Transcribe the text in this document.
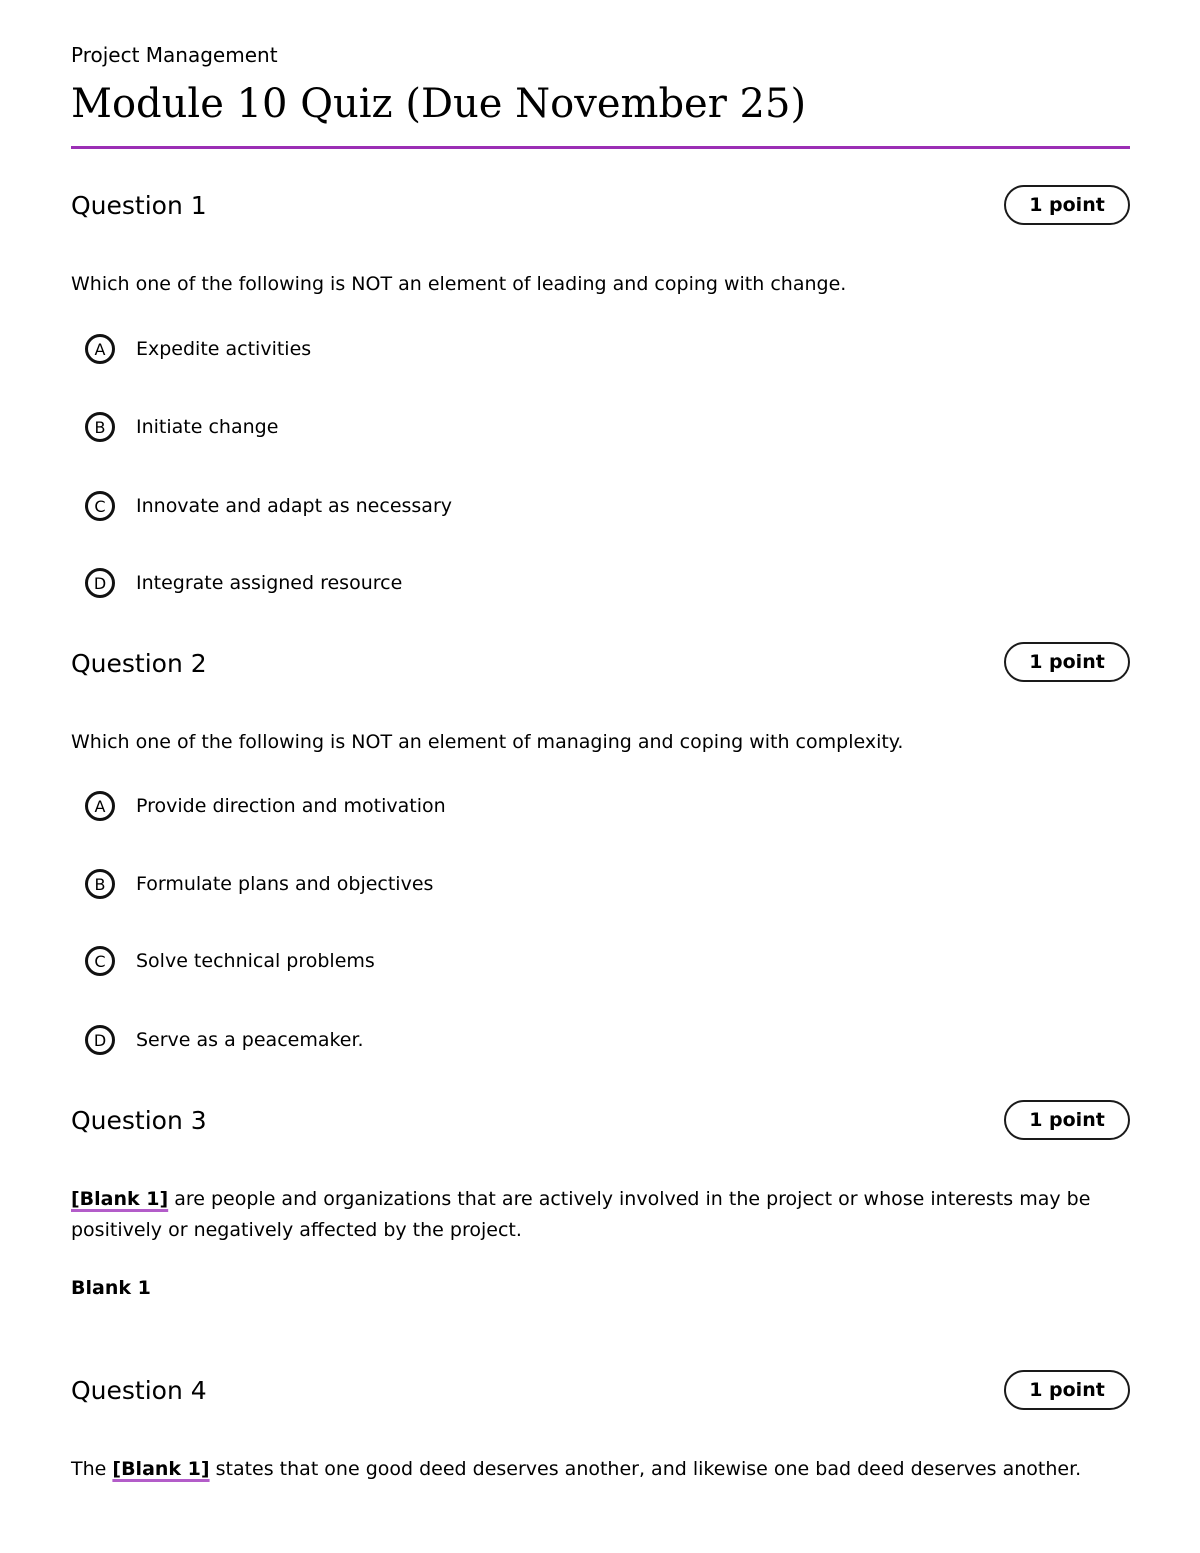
Project Management
Module 10 Quiz (Due November 25)
Question 1	1 point
Which one of the following is NOT an element of leading and coping with change.
A	Expedite activities
B	Initiate change
C	Innovate and adapt as necessary
D	Integrate assigned resource
Question 2	1 point
Which one of the following is NOT an element of managing and coping with complexity.
A	Provide direction and motivation
B	Formulate plans and objectives
C	Solve technical problems
D	Serve as a peacemaker.
Question 3	1 point
[Blank 1] are people and organizations that are actively involved in the project or whose interests may be positively or negatively affected by the project.
Blank 1
Question 4	1 point
The [Blank 1] states that one good deed deserves another, and likewise one bad deed deserves another.
